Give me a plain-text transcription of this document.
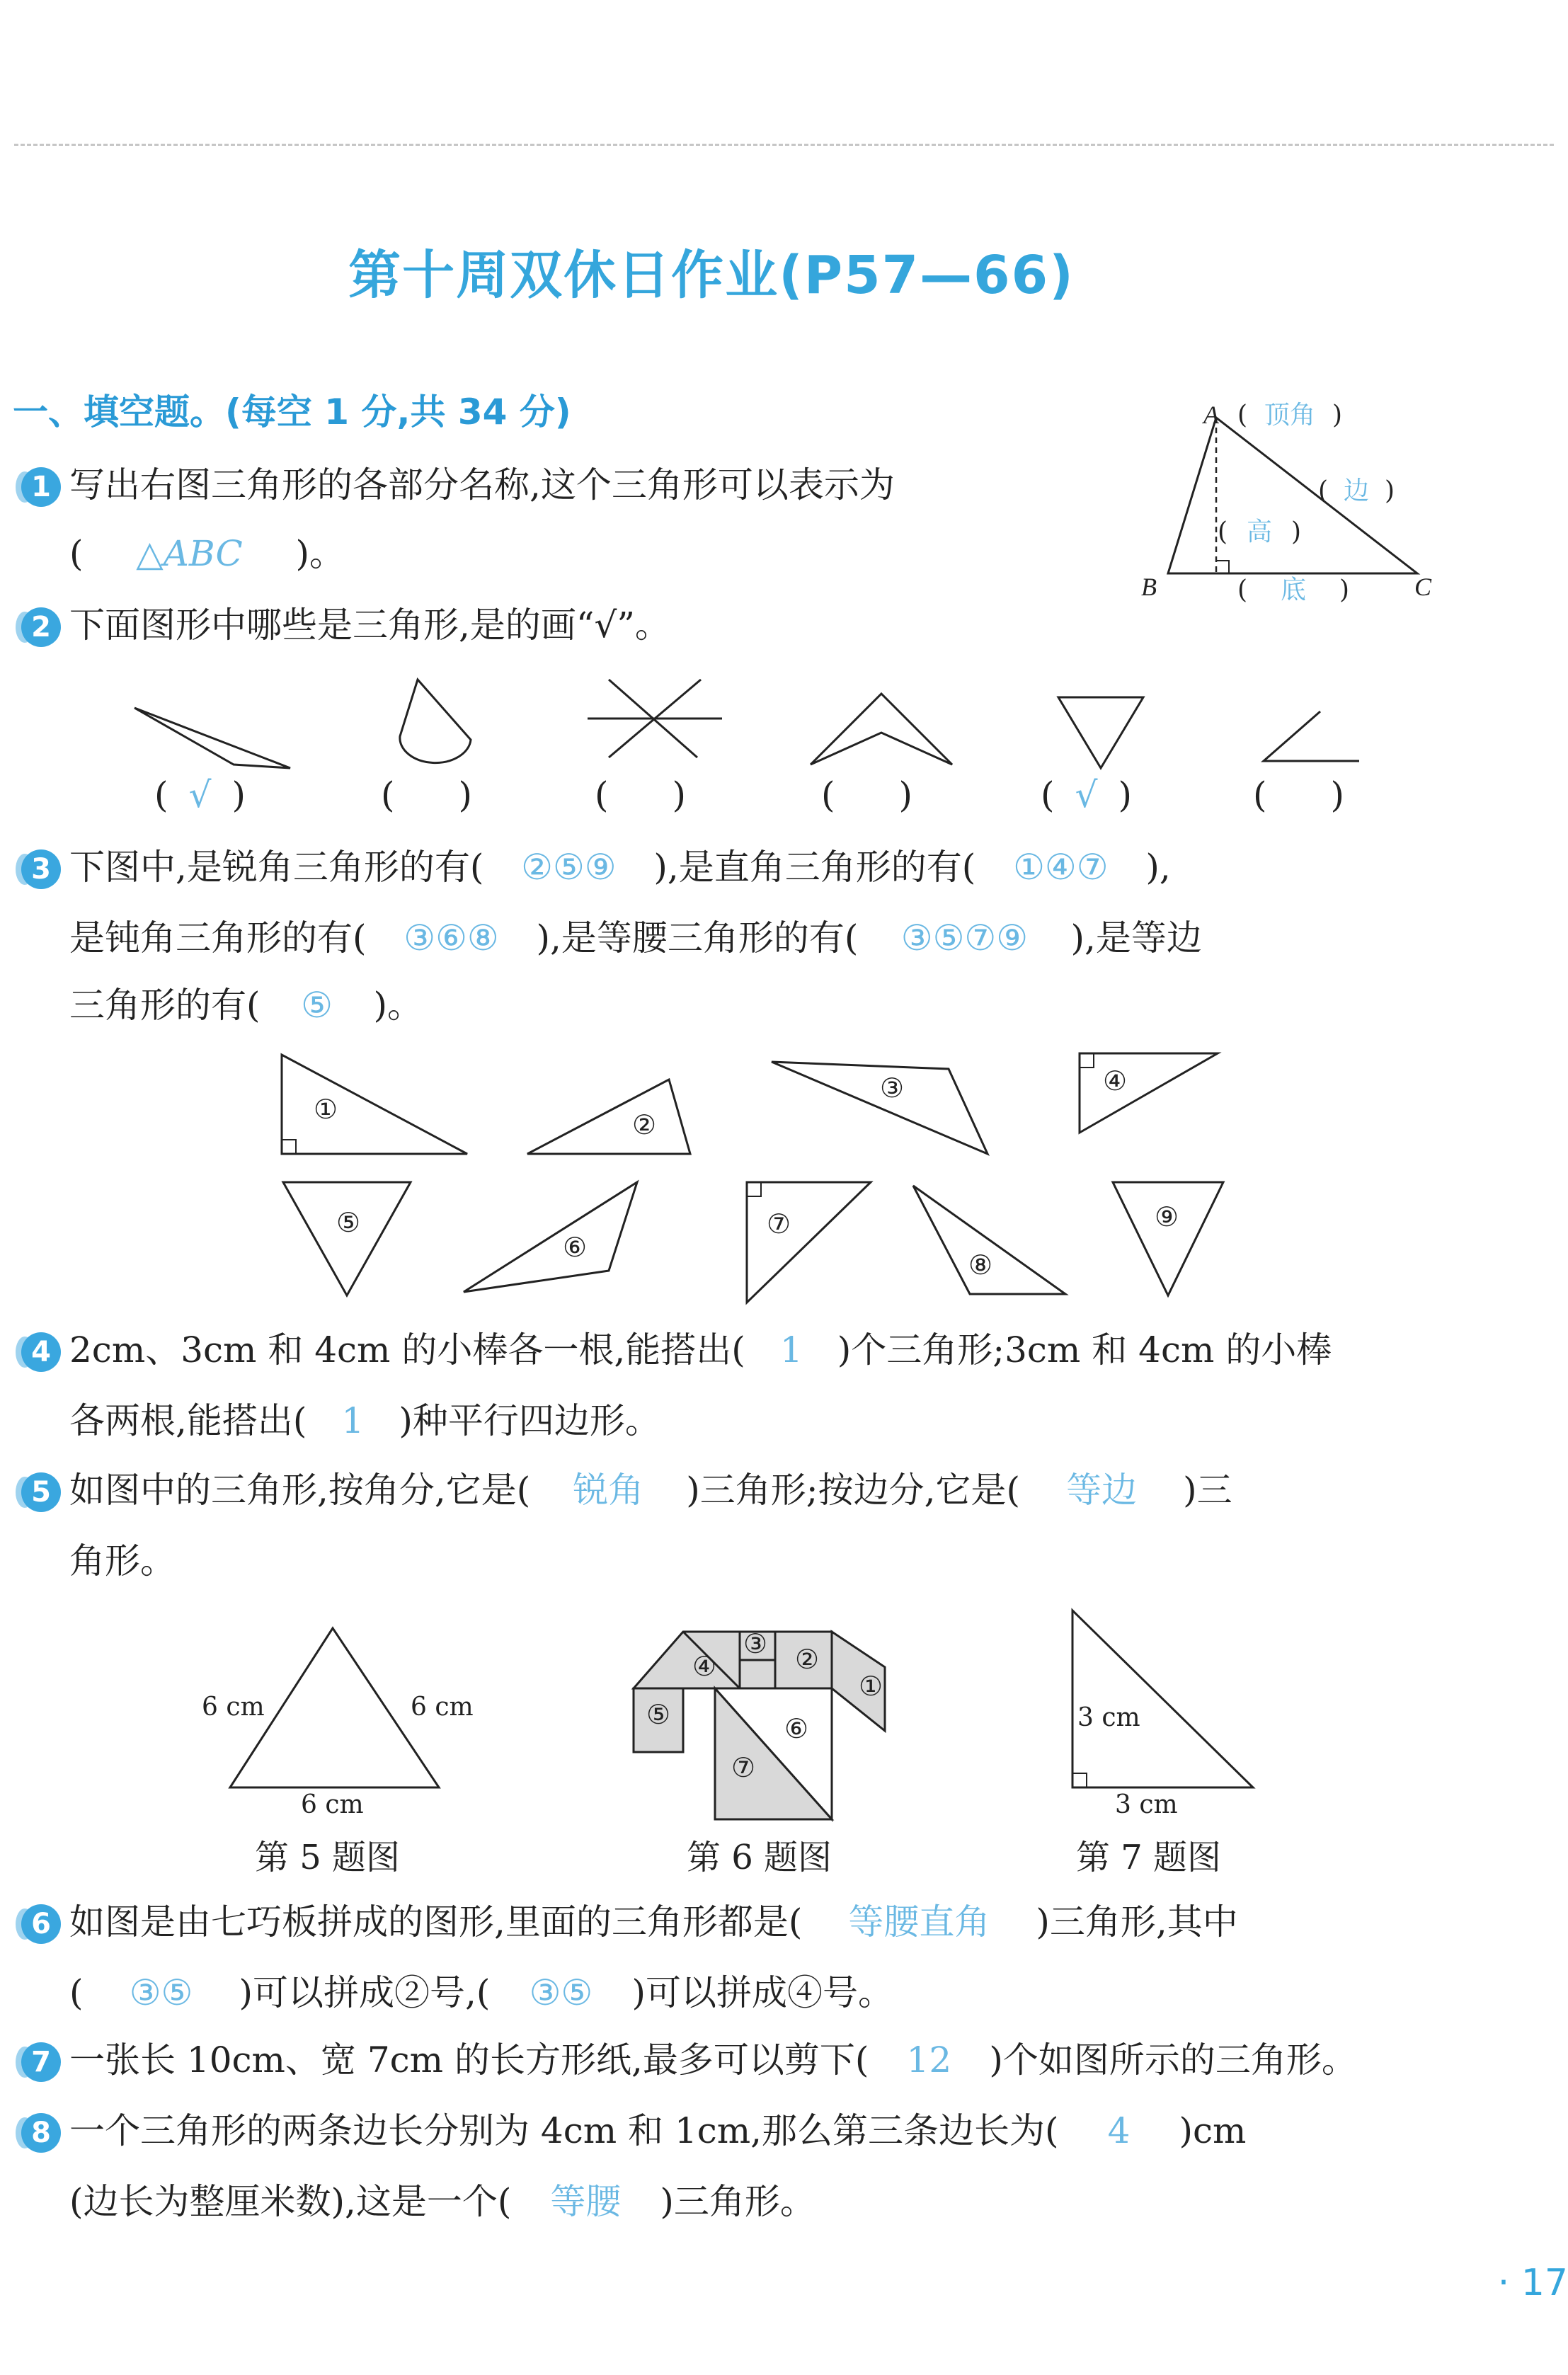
第十周双休日作业(P57—66)
一、填空题。(每空 1 分,共 34 分)
1 写出右图三角形的各部分名称,这个三角形可以表示为
( △ABC )。
A
B	C
( 顶角 )
( 边 )
( 高 )
( 底 )
2 下面图形中哪些是三角形,是的画“√”。
( √ )	( )	( )	( )	( √ )	( )
3 下图中,是锐角三角形的有( ②⑤⑨ ),是直角三角形的有( ①④⑦ ),
是钝角三角形的有( ③⑥⑧ ),是等腰三角形的有( ③⑤⑦⑨ ),是等边
三角形的有( ⑤ )。
①	②
③	④
⑤
⑥
⑦
⑧
⑨
4 2cm、3cm 和 4cm 的小棒各一根,能搭出( 1 )个三角形;3cm 和 4cm 的小棒
各两根,能搭出( 1 )种平行四边形。
5 如图中的三角形,按角分,它是( 锐角 )三角形;按边分,它是( 等边 )三
角形。
6 cm	6 cm
6 cm
第 5 题图
①
②
③
④
⑤	⑥
⑦
第 6 题图
3 cm
3 cm
第 7 题图
6 如图是由七巧板拼成的图形,里面的三角形都是( 等腰直角 )三角形,其中
( ③⑤ )可以拼成②号,( ③⑤ )可以拼成④号。
7 一张长 10cm、宽 7cm 的长方形纸,最多可以剪下( 12 )个如图所示的三角形。
8 一个三角形的两条边长分别为 4cm 和 1cm,那么第三条边长为( 4 )cm
(边长为整厘米数),这是一个( 等腰 )三角形。
· 17
